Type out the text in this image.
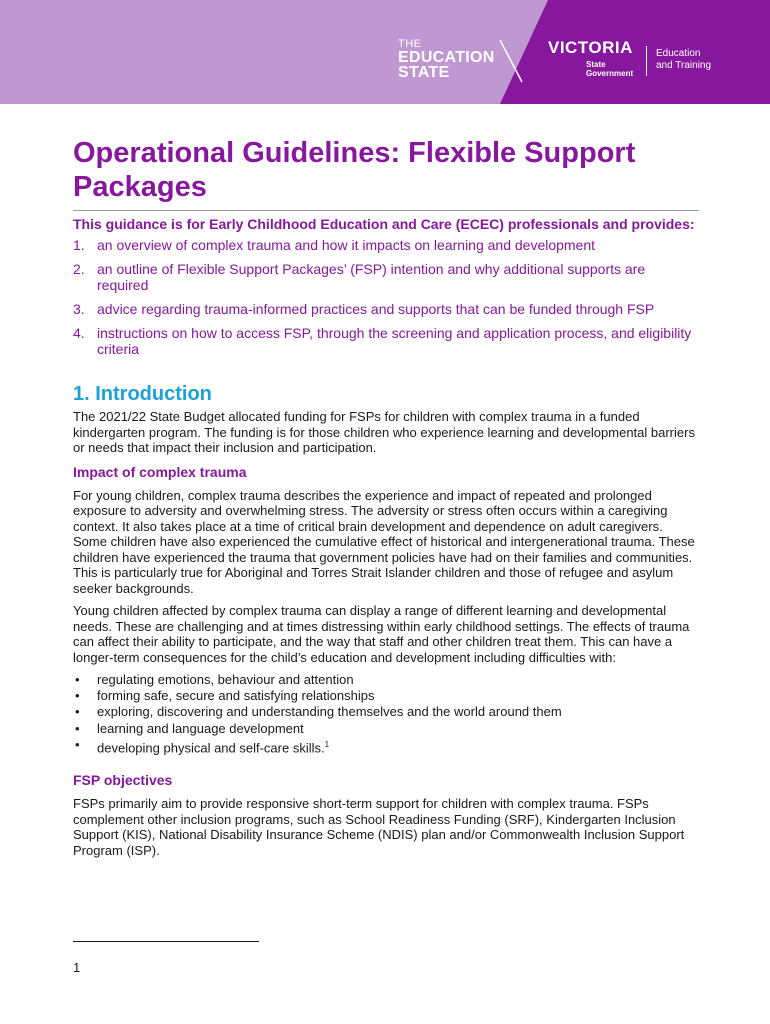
THE
EDUCATION
STATE
VICTORIA
State
Government
Education
and Training
Operational Guidelines: Flexible Support
Packages
This guidance is for Early Childhood Education and Care (ECEC) professionals and provides:
1. an overview of complex trauma and how it impacts on learning and development
2. an outline of Flexible Support Packages’ (FSP) intention and why additional supports are required
3. advice regarding trauma-informed practices and supports that can be funded through FSP
4. instructions on how to access FSP, through the screening and application process, and eligibility criteria
1. Introduction

The 2021/22 State Budget allocated funding for FSPs for children with complex trauma in a funded kindergarten program. The funding is for those children who experience learning and developmental barriers or needs that impact their inclusion and participation.

Impact of complex trauma

For young children, complex trauma describes the experience and impact of repeated and prolonged exposure to adversity and overwhelming stress. The adversity or stress often occurs within a caregiving context. It also takes place at a time of critical brain development and dependence on adult caregivers. Some children have also experienced the cumulative effect of historical and intergenerational trauma. These children have experienced the trauma that government policies have had on their families and communities. This is particularly true for Aboriginal and Torres Strait Islander children and those of refugee and asylum seeker backgrounds.

Young children affected by complex trauma can display a range of different learning and developmental needs. These are challenging and at times distressing within early childhood settings. The effects of trauma can affect their ability to participate, and the way that staff and other children treat them. This can have a longer-term consequences for the child’s education and development including difficulties with:

• regulating emotions, behaviour and attention
• forming safe, secure and satisfying relationships
• exploring, discovering and understanding themselves and the world around them
• learning and language development
• developing physical and self-care skills.$^1$
FSP objectives

FSPs primarily aim to provide responsive short-term support for children with complex trauma. FSPs complement other inclusion programs, such as School Readiness Funding (SRF), Kindergarten Inclusion Support (KIS), National Disability Insurance Scheme (NDIS) plan and/or Commonwealth Inclusion Support Program (ISP).

1
